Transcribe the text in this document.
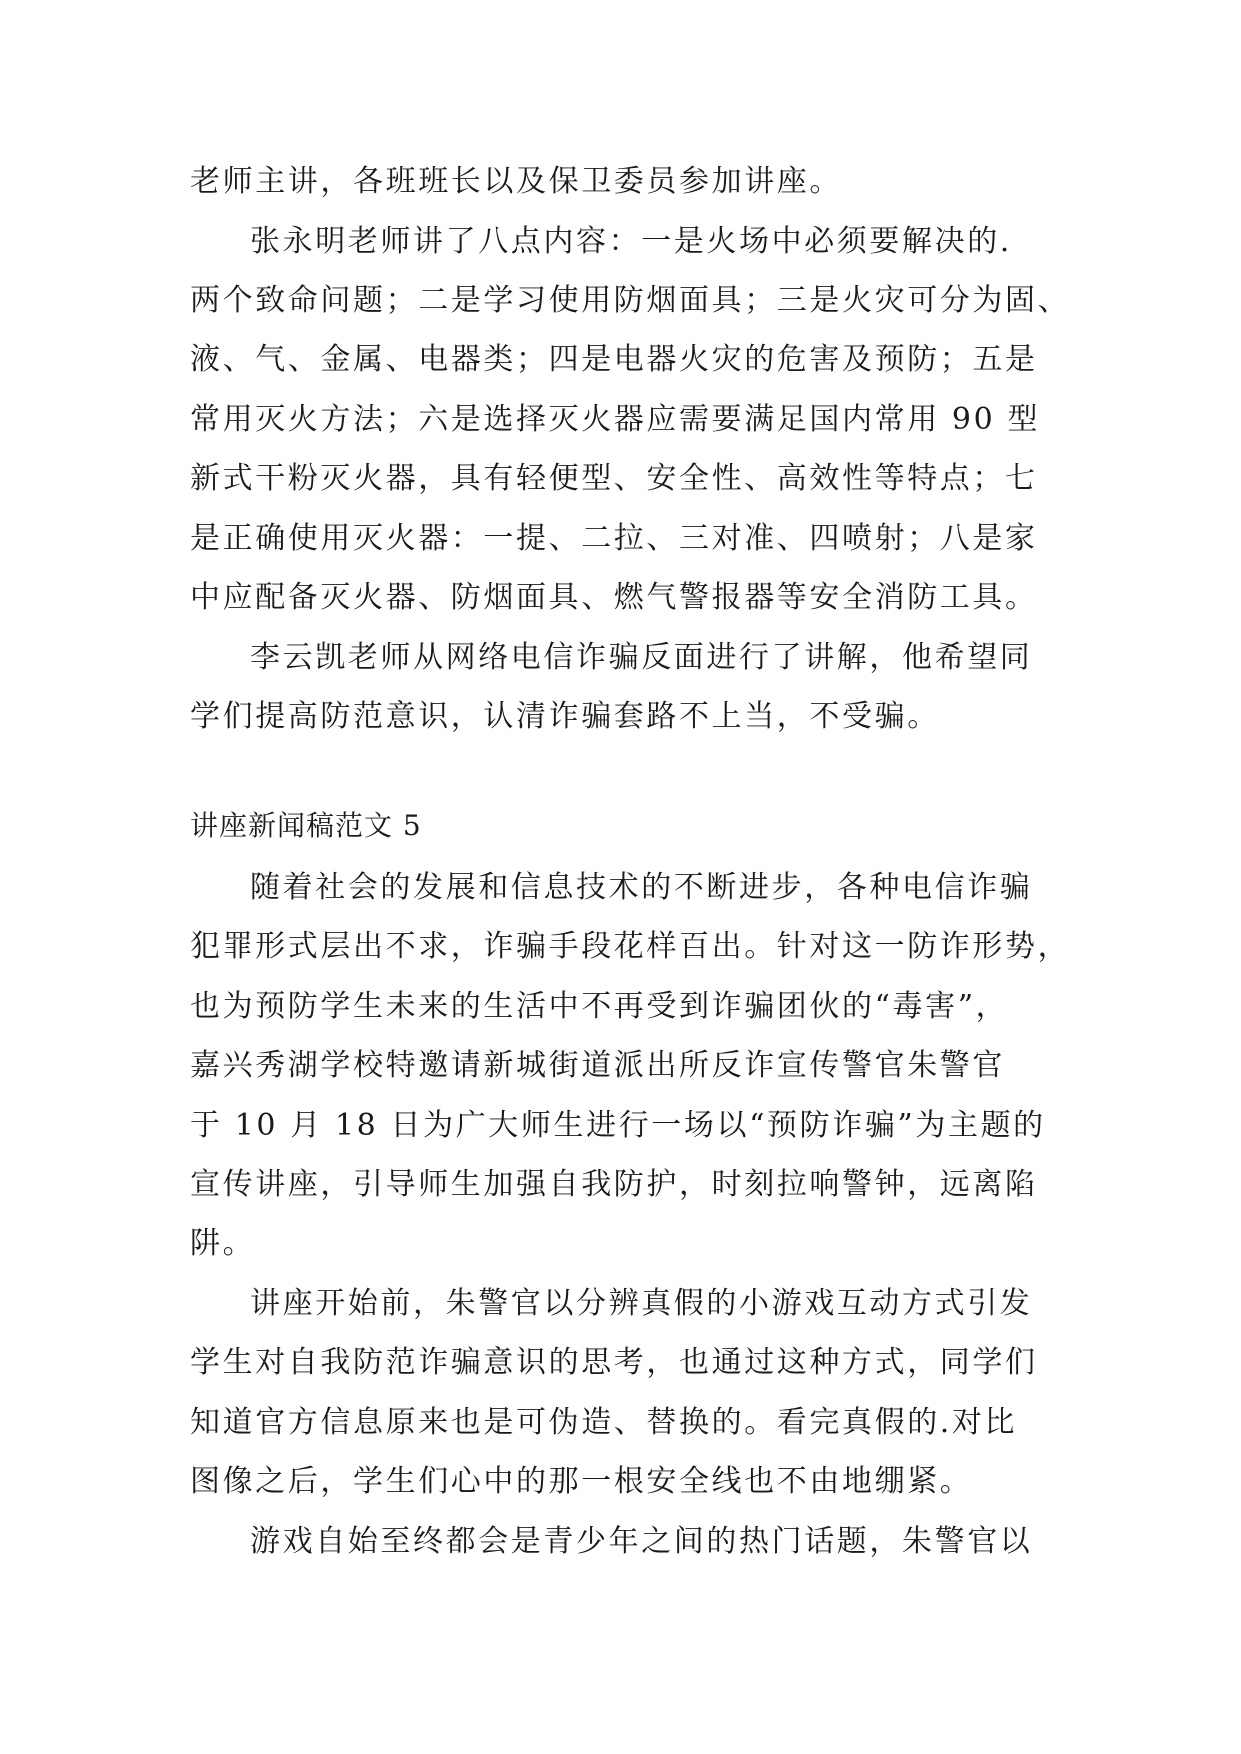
老师主讲，各班班长以及保卫委员参加讲座。
张永明老师讲了八点内容：一是火场中必须要解决的.
两个致命问题；二是学习使用防烟面具；三是火灾可分为固、
液、气、金属、电器类；四是电器火灾的危害及预防；五是
常用灭火方法；六是选择灭火器应需要满足国内常用 90 型
新式干粉灭火器，具有轻便型、安全性、高效性等特点；七
是正确使用灭火器：一提、二拉、三对准、四喷射；八是家
中应配备灭火器、防烟面具、燃气警报器等安全消防工具。
李云凯老师从网络电信诈骗反面进行了讲解，他希望同
学们提高防范意识，认清诈骗套路不上当，不受骗。
讲座新闻稿范文 5
随着社会的发展和信息技术的不断进步，各种电信诈骗
犯罪形式层出不求，诈骗手段花样百出。针对这一防诈形势，
也为预防学生未来的生活中不再受到诈骗团伙的“毒害”，
嘉兴秀湖学校特邀请新城街道派出所反诈宣传警官朱警官
于 10 月 18 日为广大师生进行一场以“预防诈骗”为主题的
宣传讲座，引导师生加强自我防护，时刻拉响警钟，远离陷
阱。
讲座开始前，朱警官以分辨真假的小游戏互动方式引发
学生对自我防范诈骗意识的思考，也通过这种方式，同学们
知道官方信息原来也是可伪造、替换的。看完真假的.对比
图像之后，学生们心中的那一根安全线也不由地绷紧。
游戏自始至终都会是青少年之间的热门话题，朱警官以
